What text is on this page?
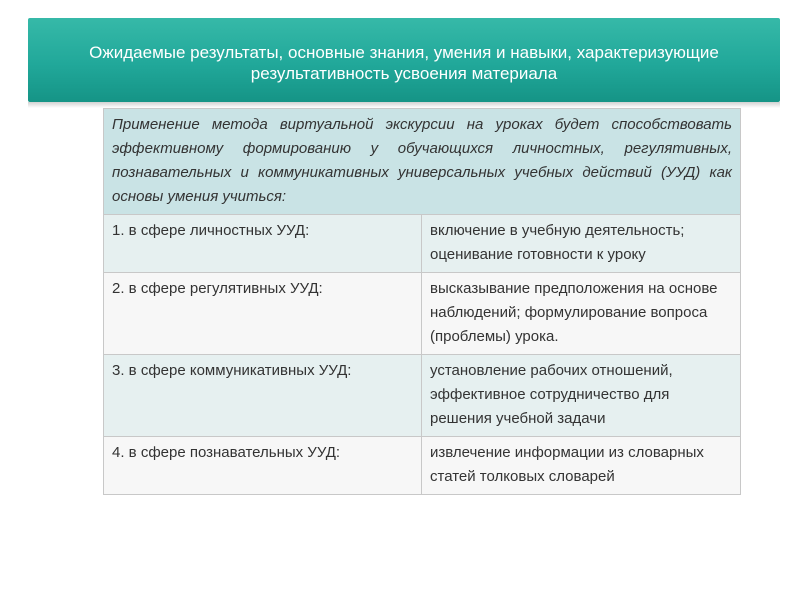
Ожидаемые результаты, основные знания, умения и навыки, характеризующие результативность усвоения материала
Применение метода виртуальной экскурсии на уроках будет способствовать эффективному формированию у обучающихся личностных, регулятивных, познавательных и коммуникативных универсальных учебных действий (УУД) как основы умения учиться:	
1. в сфере личностных УУД:	включение в учебную деятельность; оценивание готовности к уроку
2. в сфере регулятивных УУД:	высказывание предположения на основе наблюдений; формулирование вопроса (проблемы) урока.
3. в сфере коммуникативных УУД:	установление рабочих отношений, эффективное сотрудничество для решения учебной задачи
4. в сфере познавательных УУД:	извлечение информации из словарных статей толковых словарей
